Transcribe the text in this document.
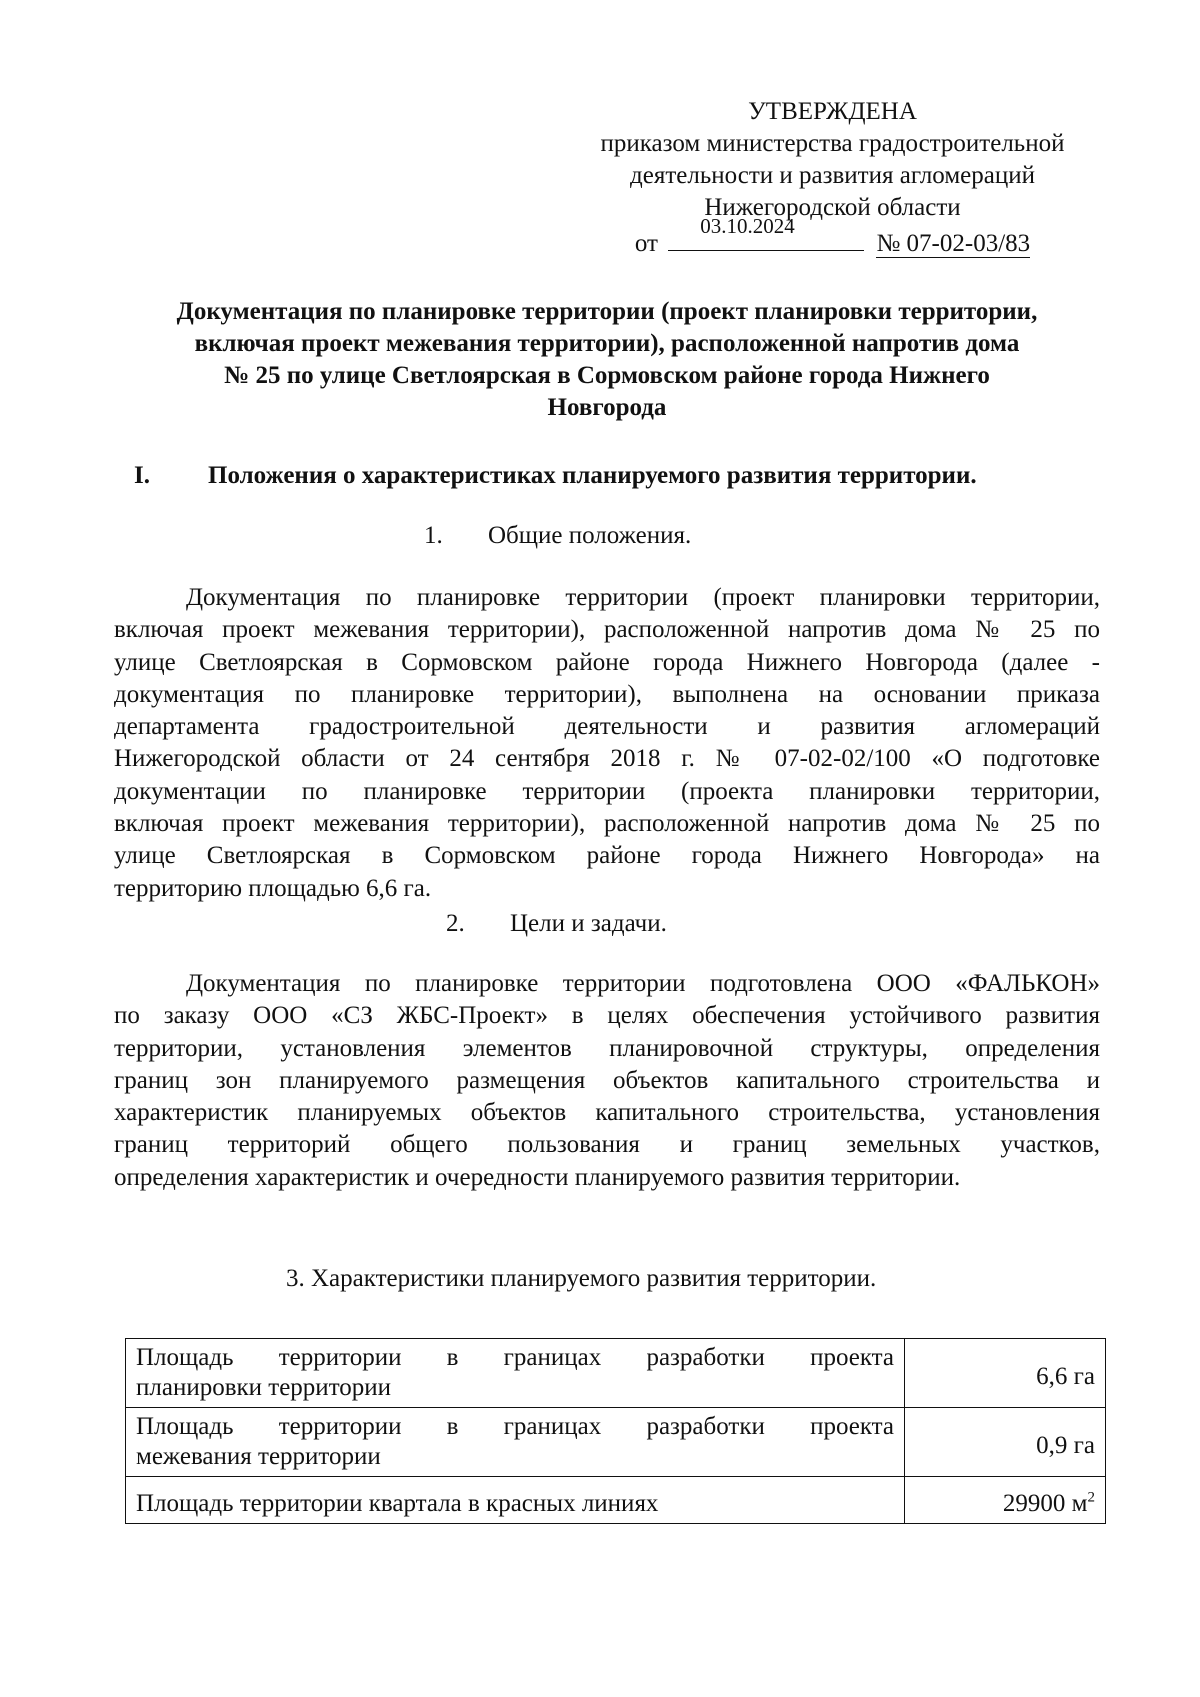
УТВЕРЖДЕНА
приказом министерства градостроительной
деятельности и развития агломераций
Нижегородской области
от
03.10.2024
№ 07-02-03/83
Документация по планировке территории (проект планировки территории,
включая проект межевания территории), расположенной напротив дома
№ 25 по улице Светлоярская в Сормовском районе города Нижнего
Новгорода
I. Положения о характеристиках планируемого развития территории.
1. Общие положения.
Документация по планировке территории (проект планировки территории,
включая проект межевания территории), расположенной напротив дома № 25 по
улице Светлоярская в Сормовском районе города Нижнего Новгорода (далее -
документация по планировке территории), выполнена на основании приказа
департамента градостроительной деятельности и развития агломераций
Нижегородской области от 24 сентября 2018 г. № 07-02-02/100 «О подготовке
документации по планировке территории (проекта планировки территории,
включая проект межевания территории), расположенной напротив дома № 25 по
улице Светлоярская в Сормовском районе города Нижнего Новгорода» на
территорию площадью 6,6 га.
2. Цели и задачи.
Документация по планировке территории подготовлена ООО «ФАЛЬКОН»
по заказу ООО «СЗ ЖБС-Проект» в целях обеспечения устойчивого развития
территории, установления элементов планировочной структуры, определения
границ зон планируемого размещения объектов капитального строительства и
характеристик планируемых объектов капитального строительства, установления
границ территорий общего пользования и границ земельных участков,
определения характеристик и очередности планируемого развития территории.
3. Характеристики планируемого развития территории.
Площадь территории в границах разработки проекта
планировки территории	6,6 га

Площадь территории в границах разработки проекта
межевания территории	0,9 га

Площадь территории квартала в красных линиях	29900 $м^2$
